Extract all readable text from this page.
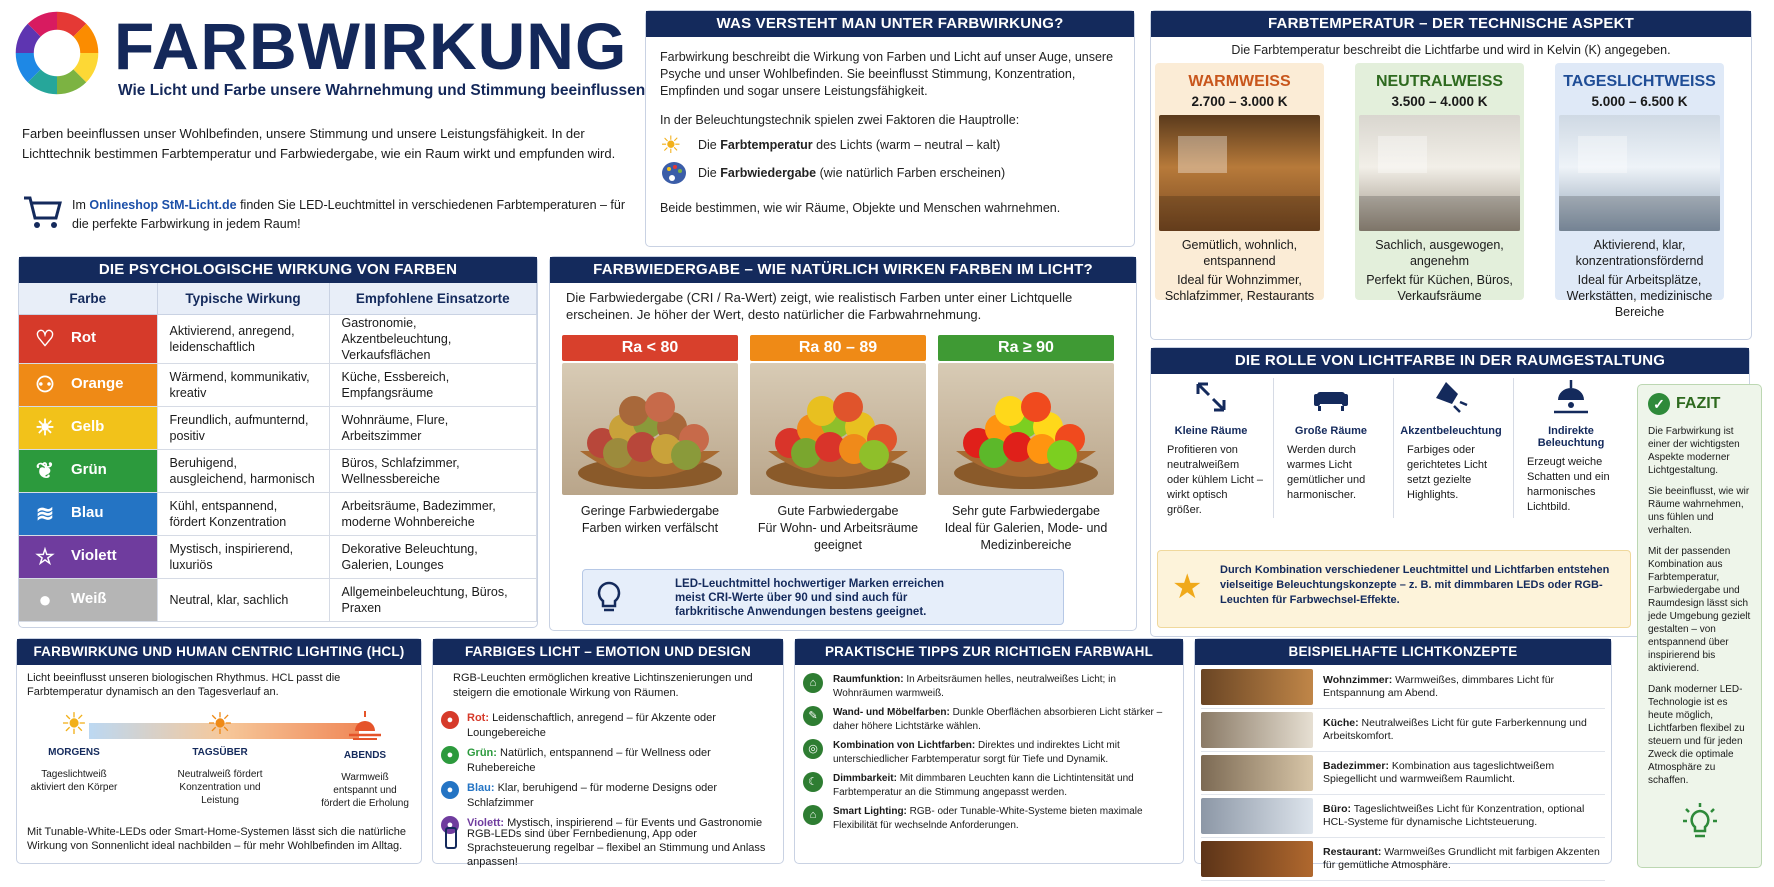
FARBWIRKUNG
Wie Licht und Farbe unsere Wahrnehmung und Stimmung beeinflussen
Farben beeinflussen unser Wohlbefinden, unsere Stimmung und unsere Leistungsfähigkeit. In der Lichttechnik bestimmen Farbtemperatur und Farbwiedergabe, wie ein Raum wirkt und empfunden wird.
Im Onlineshop StM-Licht.de finden Sie LED-Leuchtmittel in verschiedenen Farbtemperaturen – für die perfekte Farbwirkung in jedem Raum!
WAS VERSTEHT MAN UNTER FARBWIRKUNG?
Farbwirkung beschreibt die Wirkung von Farben und Licht auf unser Auge, unsere Psyche und unser Wohlbefinden. Sie beeinflusst Stimmung, Konzentration, Empfinden und sogar unsere Leistungsfähigkeit.
In der Beleuchtungstechnik spielen zwei Faktoren die Hauptrolle:
☀	Die Farbtemperatur des Lichts (warm – neutral – kalt)
Die Farbwiedergabe (wie natürlich Farben erscheinen)
Beide bestimmen, wie wir Räume, Objekte und Menschen wahrnehmen.
FARBTEMPERATUR – DER TECHNISCHE ASPEKT
Die Farbtemperatur beschreibt die Lichtfarbe und wird in Kelvin (K) angegeben.
WARMWEISS
2.700 – 3.000 K
Gemütlich, wohnlich, entspannend
Ideal für Wohnzimmer, Schlafzimmer, Restaurants
NEUTRALWEISS
3.500 – 4.000 K
Sachlich, ausgewogen, angenehm
Perfekt für Küchen, Büros, Verkaufsräume
TAGESLICHTWEISS
5.000 – 6.500 K
Aktivierend, klar, konzentrationsfördernd
Ideal für Arbeitsplätze, Werkstätten, medizinische Bereiche
DIE PSYCHOLOGISCHE WIRKUNG VON FARBEN
Farbe	Typische Wirkung	Empfohlene Einsatzorte
♡ Rot	Aktivierend, anregend, leidenschaftlich	Gastronomie, Akzentbeleuchtung, Verkaufsflächen
⚇ Orange	Wärmend, kommunikativ, kreativ	Küche, Essbereich, Empfangsräume
☀ Gelb	Freundlich, aufmunternd, positiv	Wohnräume, Flure, Arbeitszimmer
❦ Grün	Beruhigend, ausgleichend, harmonisch	Büros, Schlafzimmer, Wellnessbereiche
≋ Blau	Kühl, entspannend, fördert Konzentration	Arbeitsräume, Badezimmer, moderne Wohnbereiche
☆ Violett	Mystisch, inspirierend, luxuriös	Dekorative Beleuchtung, Galerien, Lounges
● Weiß	Neutral, klar, sachlich	Allgemeinbeleuchtung, Büros, Praxen
FARBWIEDERGABE – WIE NATÜRLICH WIRKEN FARBEN IM LICHT?
Die Farbwiedergabe (CRI / Ra-Wert) zeigt, wie realistisch Farben unter einer Lichtquelle erscheinen. Je höher der Wert, desto natürlicher die Farbwahrnehmung.
Ra < 80
Geringe Farbwiedergabe
Farben wirken verfälscht
Ra 80 – 89
Gute Farbwiedergabe
Für Wohn- und Arbeitsräume geeignet
Ra ≥ 90
Sehr gute Farbwiedergabe
Ideal für Galerien, Mode- und Medizinbereiche
LED-Leuchtmittel hochwertiger Marken erreichen meist CRI-Werte über 90 und sind auch für farbkritische Anwendungen bestens geeignet.
DIE ROLLE VON LICHTFARBE IN DER RAUMGESTALTUNG
Kleine Räume
Profitieren von neutralweißem oder kühlem Licht – wirkt optisch größer.
Große Räume
Werden durch warmes Licht gemütlicher und harmonischer.
Akzentbeleuchtung
Farbiges oder gerichtetes Licht setzt gezielte Highlights.
Indirekte Beleuchtung
Erzeugt weiche Schatten und ein harmonisches Lichtbild.
★ Durch Kombination verschiedener Leuchtmittel und Lichtfarben entstehen vielseitige Beleuchtungskonzepte – z. B. mit dimmbaren LEDs oder RGB-Leuchten für Farbwechsel-Effekte.
✓ FAZIT
Die Farbwirkung ist einer der wichtigsten Aspekte moderner Lichtgestaltung.
Sie beeinflusst, wie wir Räume wahrnehmen, uns fühlen und verhalten.
Mit der passenden Kombination aus Farbtemperatur, Farbwiedergabe und Raumdesign lässt sich jede Umgebung gezielt gestalten – von entspannend über inspirierend bis aktivierend.
Dank moderner LED-Technologie ist es heute möglich, Lichtfarben flexibel zu steuern und für jeden Zweck die optimale Atmosphäre zu schaffen.
FARBWIRKUNG UND HUMAN CENTRIC LIGHTING (HCL)
Licht beeinflusst unseren biologischen Rhythmus. HCL passt die Farbtemperatur dynamisch an den Tagesverlauf an.
☀
MORGENS
Tageslichtweiß aktiviert den Körper
☀
TAGSÜBER
Neutralweiß fördert Konzentration und Leistung
ABENDS
Warmweiß entspannt und fördert die Erholung
Mit Tunable-White-LEDs oder Smart-Home-Systemen lässt sich die natürliche Wirkung von Sonnenlicht ideal nachbilden – für mehr Wohlbefinden im Alltag.
FARBIGES LICHT – EMOTION UND DESIGN
RGB-Leuchten ermöglichen kreative Lichtinszenierungen und steigern die emotionale Wirkung von Räumen.
●	Rot: Leidenschaftlich, anregend – für Akzente oder Loungebereiche
●	Grün: Natürlich, entspannend – für Wellness oder Ruhebereiche
●	Blau: Klar, beruhigend – für moderne Designs oder Schlafzimmer
●	Violett: Mystisch, inspirierend – für Events und Gastronomie
RGB-LEDs sind über Fernbedienung, App oder Sprachsteuerung regelbar – flexibel an Stimmung und Anlass anpassen!
PRAKTISCHE TIPPS ZUR RICHTIGEN FARBWAHL
⌂	Raumfunktion: In Arbeitsräumen helles, neutralweißes Licht; in Wohnräumen warmweiß.
✎	Wand- und Möbelfarben: Dunkle Oberflächen absorbieren Licht stärker – daher höhere Lichtstärke wählen.
◎	Kombination von Lichtfarben: Direktes und indirektes Licht mit unterschiedlicher Farbtemperatur sorgt für Tiefe und Dynamik.
☾	Dimmbarkeit: Mit dimmbaren Leuchten kann die Lichtintensität und Farbtemperatur an die Stimmung angepasst werden.
⌂	Smart Lighting: RGB- oder Tunable-White-Systeme bieten maximale Flexibilität für wechselnde Anforderungen.
BEISPIELHAFTE LICHTKONZEPTE
Wohnzimmer: Warmweißes, dimmbares Licht für Entspannung am Abend.
Küche: Neutralweißes Licht für gute Farberkennung und Arbeitskomfort.
Badezimmer: Kombination aus tageslichtweißem Spiegellicht und warmweißem Raumlicht.
Büro: Tageslichtweißes Licht für Konzentration, optional HCL-Systeme für dynamische Lichtsteuerung.
Restaurant: Warmweißes Grundlicht mit farbigen Akzenten für gemütliche Atmosphäre.
